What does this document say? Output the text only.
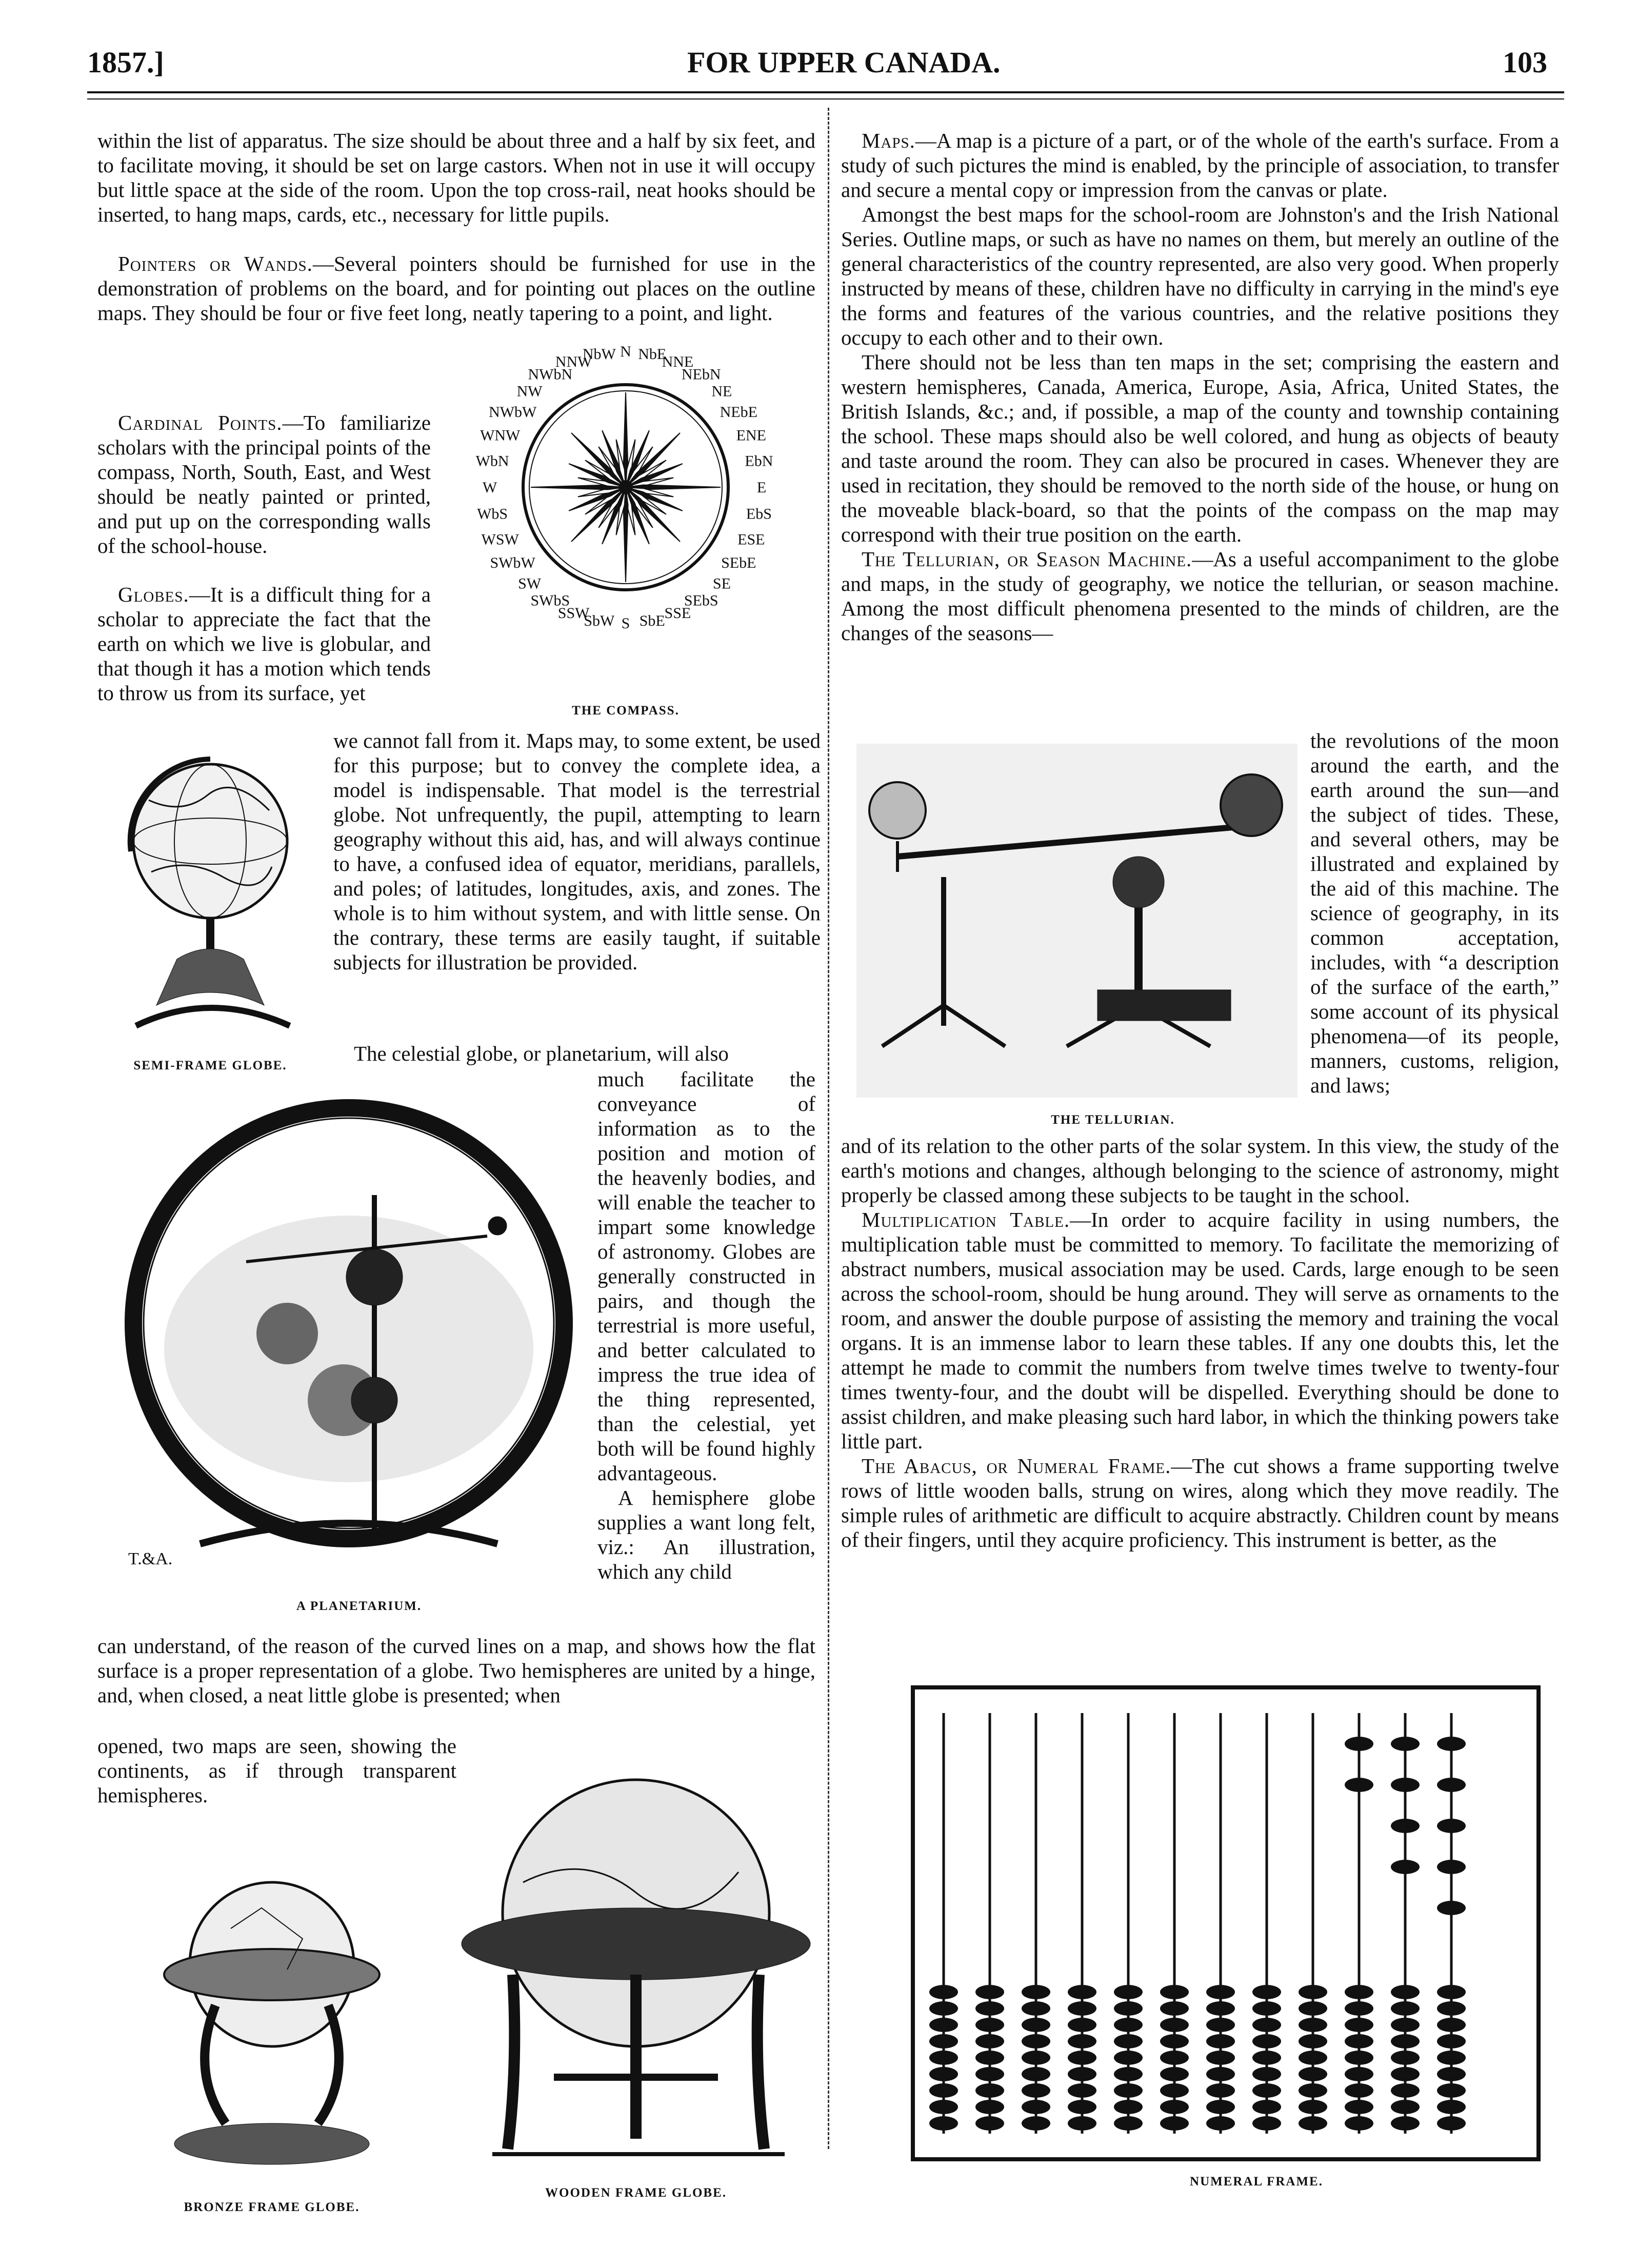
1857.]	FOR UPPER CANADA.	103

within the list of apparatus. The size should be about three and a half by six feet, and to facilitate moving, it should be set on large castors. When not in use it will occupy but little space at the side of the room. Upon the top cross-rail, neat hooks should be inserted, to hang maps, cards, etc., necessary for little pupils.

Pointers or Wands.—Several pointers should be furnished for use in the demonstration of problems on the board, and for pointing out places on the outline maps. They should be four or five feet long, neatly tapering to a point, and light.

Cardinal Points.—To familiarize scholars with the principal points of the compass, North, South, East, and West should be neatly painted or printed, and put up on the corresponding walls of the school-house.

Globes.—It is a difficult thing for a scholar to appreciate the fact that the earth on which we live is globular, and that though it has a motion which tends to throw us from its surface, yet

we cannot fall from it. Maps may, to some extent, be used for this purpose; but to convey the complete idea, a model is indispensable. That model is the terrestrial globe. Not unfrequently, the pupil, attempting to learn geography without this aid, has, and will always continue to have, a confused idea of equator, meridians, parallels, and poles; of latitudes, longitudes, axis, and zones. The whole is to him without system, and with little sense. On the contrary, these terms are easily taught, if suitable subjects for illustration be provided.

The celestial globe, or planetarium, will also

much facilitate the conveyance of information as to the position and motion of the heavenly bodies, and will enable the teacher to impart some knowledge of astronomy. Globes are generally constructed in pairs, and though the terrestrial is more useful, and better calculated to impress the true idea of the thing represented, than the celestial, yet both will be found highly advantageous.

A hemisphere globe supplies a want long felt, viz.: An illustration, which any child

can understand, of the reason of the curved lines on a map, and shows how the flat surface is a proper representation of a globe. Two hemispheres are united by a hinge, and, when closed, a neat little globe is presented; when

opened, two maps are seen, showing the continents, as if through transparent hemispheres.

Maps.—A map is a picture of a part, or of the whole of the earth's surface. From a study of such pictures the mind is enabled, by the principle of association, to transfer and secure a mental copy or impression from the canvas or plate.

Amongst the best maps for the school-room are Johnston's and the Irish National Series. Outline maps, or such as have no names on them, but merely an outline of the general characteristics of the country represented, are also very good. When properly instructed by means of these, children have no difficulty in carrying in the mind's eye the forms and features of the various countries, and the relative positions they occupy to each other and to their own.

There should not be less than ten maps in the set; comprising the eastern and western hemispheres, Canada, America, Europe, Asia, Africa, United States, the British Islands, &c.; and, if possible, a map of the county and township containing the school. These maps should also be well colored, and hung as objects of beauty and taste around the room. They can also be procured in cases. Whenever they are used in recitation, they should be removed to the north side of the house, or hung on the moveable black-board, so that the points of the compass on the map may correspond with their true position on the earth.

The Tellurian, or Season Machine.—As a useful accompaniment to the globe and maps, in the study of geography, we notice the tellurian, or season machine. Among the most difficult phenomena presented to the minds of children, are the changes of the seasons—

the revolutions of the moon around the earth, and the earth around the sun—and the subject of tides. These, and several others, may be illustrated and explained by the aid of this machine. The science of geography, in its common acceptation, includes, with “a description of the surface of the earth,” some account of its physical phenomena—of its people, manners, customs, religion, and laws;

and of its relation to the other parts of the solar system. In this view, the study of the earth's motions and changes, although belonging to the science of astronomy, might properly be classed among these subjects to be taught in the school.

Multiplication Table.—In order to acquire facility in using numbers, the multiplication table must be committed to memory. To facilitate the memorizing of abstract numbers, musical association may be used. Cards, large enough to be seen across the school-room, should be hung around. They will serve as ornaments to the room, and answer the double purpose of assisting the memory and training the vocal organs. It is an immense labor to learn these tables. If any one doubts this, let the attempt he made to commit the numbers from twelve times twelve to twenty-four times twenty-four, and the doubt will be dispelled. Everything should be done to assist children, and make pleasing such hard labor, in which the thinking powers take little part.

The Abacus, or Numeral Frame.—The cut shows a frame supporting twelve rows of little wooden balls, strung on wires, along which they move readily. The simple rules of arithmetic are difficult to acquire abstractly. Children count by means of their fingers, until they acquire proficiency. This instrument is better, as the

N NbE
NNE
NEbN
NE
NEbE
ENE
EbN
E
EbS
ESE
SEbE
SE
SEbS
SSE
SbE
S
SbW
SSW
SWbS
SW
SWbW
WSW
WbS
W
WbN
WNW
NWbW
NW
NWbN
NNW
NbW
THE COMPASS.
SEMI-FRAME GLOBE.
T.&A.
A PLANETARIUM.
THE TELLURIAN.
BRONZE FRAME GLOBE.
WOODEN FRAME GLOBE.
NUMERAL FRAME.
